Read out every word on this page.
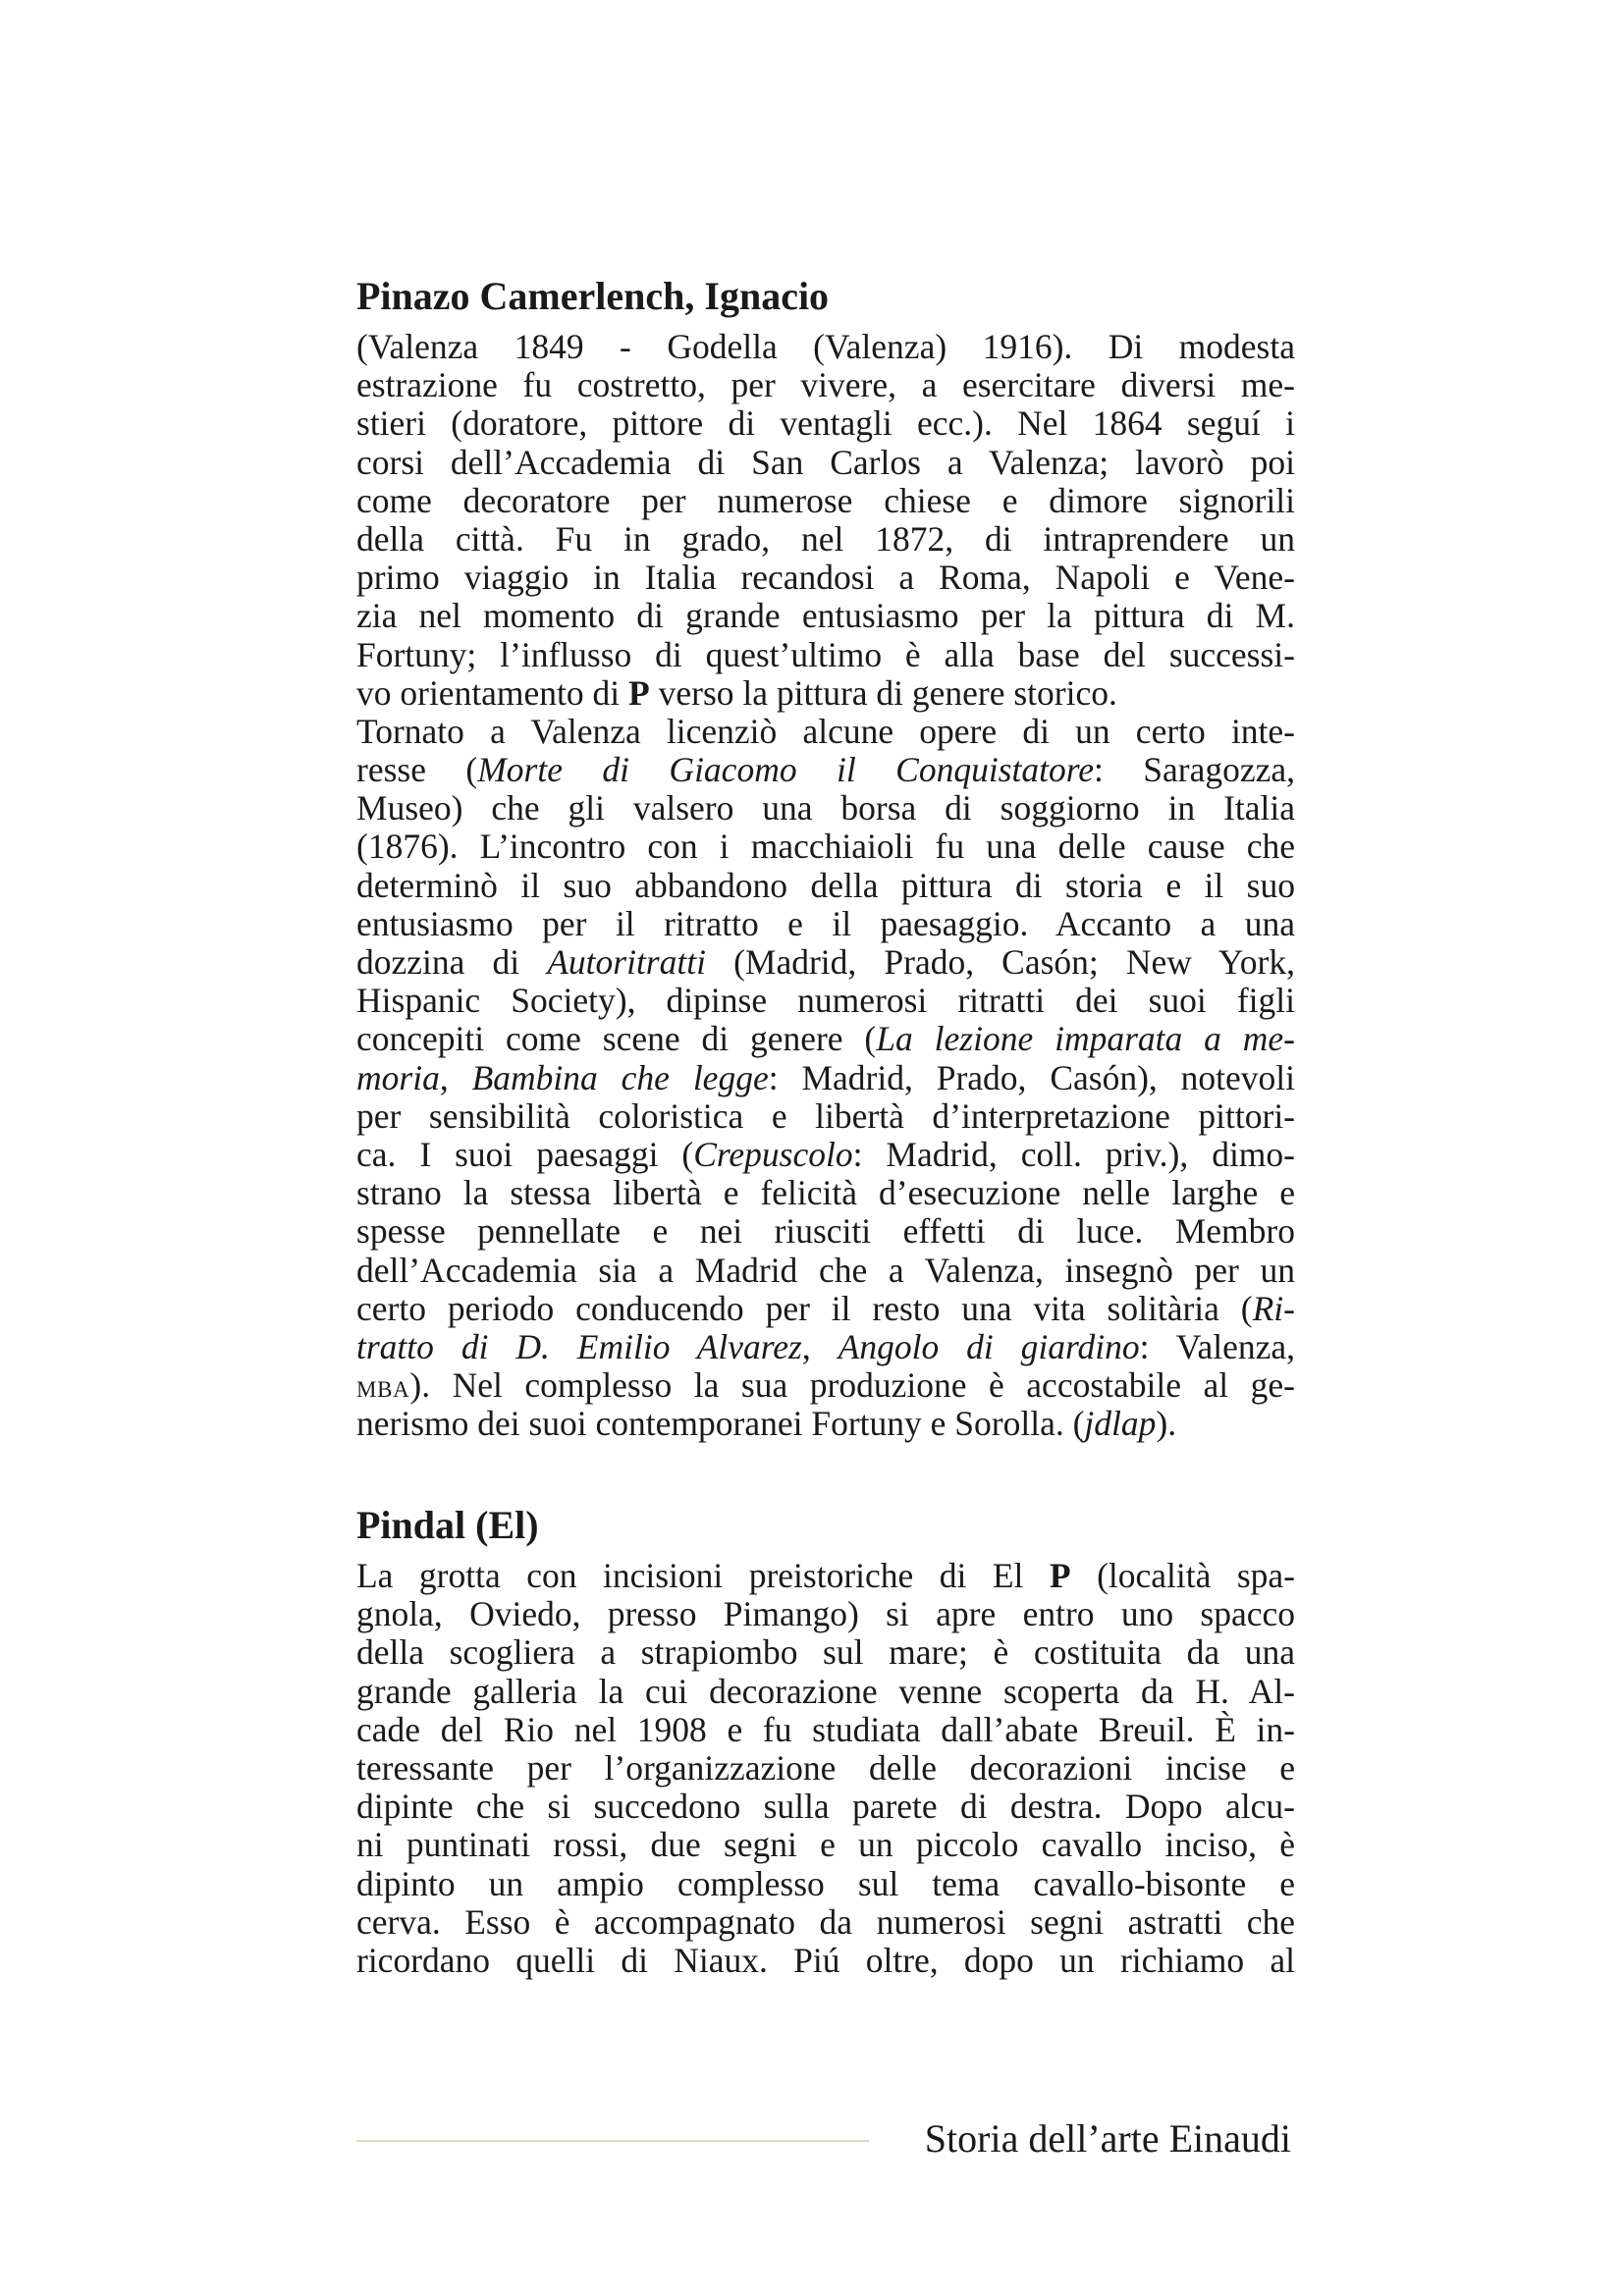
Pinazo Camerlench, Ignacio
(Valenza 1849 - Godella (Valenza) 1916). Di modesta
estrazione fu costretto, per vivere, a esercitare diversi me-
stieri (doratore, pittore di ventagli ecc.). Nel 1864 seguí i
corsi dell’Accademia di San Carlos a Valenza; lavorò poi
come decoratore per numerose chiese e dimore signorili
della città. Fu in grado, nel 1872, di intraprendere un
primo viaggio in Italia recandosi a Roma, Napoli e Vene-
zia nel momento di grande entusiasmo per la pittura di M.
Fortuny; l’influsso di quest’ultimo è alla base del successi-
vo orientamento di P verso la pittura di genere storico.
Tornato a Valenza licenziò alcune opere di un certo inte-
resse (Morte di Giacomo il Conquistatore: Saragozza,
Museo) che gli valsero una borsa di soggiorno in Italia
(1876). L’incontro con i macchiaioli fu una delle cause che
determinò il suo abbandono della pittura di storia e il suo
entusiasmo per il ritratto e il paesaggio. Accanto a una
dozzina di Autoritratti (Madrid, Prado, Casón; New York,
Hispanic Society), dipinse numerosi ritratti dei suoi figli
concepiti come scene di genere (La lezione imparata a me-
moria, Bambina che legge: Madrid, Prado, Casón), notevoli
per sensibilità coloristica e libertà d’interpretazione pittori-
ca. I suoi paesaggi (Crepuscolo: Madrid, coll. priv.), dimo-
strano la stessa libertà e felicità d’esecuzione nelle larghe e
spesse pennellate e nei riusciti effetti di luce. Membro
dell’Accademia sia a Madrid che a Valenza, insegnò per un
certo periodo conducendo per il resto una vita solitària (Ri-
tratto di D. Emilio Alvarez, Angolo di giardino: Valenza,
mba). Nel complesso la sua produzione è accostabile al ge-
nerismo dei suoi contemporanei Fortuny e Sorolla. (jdlap).
Pindal (El)
La grotta con incisioni preistoriche di El P (località spa-
gnola, Oviedo, presso Pimango) si apre entro uno spacco
della scogliera a strapiombo sul mare; è costituita da una
grande galleria la cui decorazione venne scoperta da H. Al-
cade del Rio nel 1908 e fu studiata dall’abate Breuil. È in-
teressante per l’organizzazione delle decorazioni incise e
dipinte che si succedono sulla parete di destra. Dopo alcu-
ni puntinati rossi, due segni e un piccolo cavallo inciso, è
dipinto un ampio complesso sul tema cavallo-bisonte e
cerva. Esso è accompagnato da numerosi segni astratti che
ricordano quelli di Niaux. Piú oltre, dopo un richiamo al
Storia dell’arte Einaudi
